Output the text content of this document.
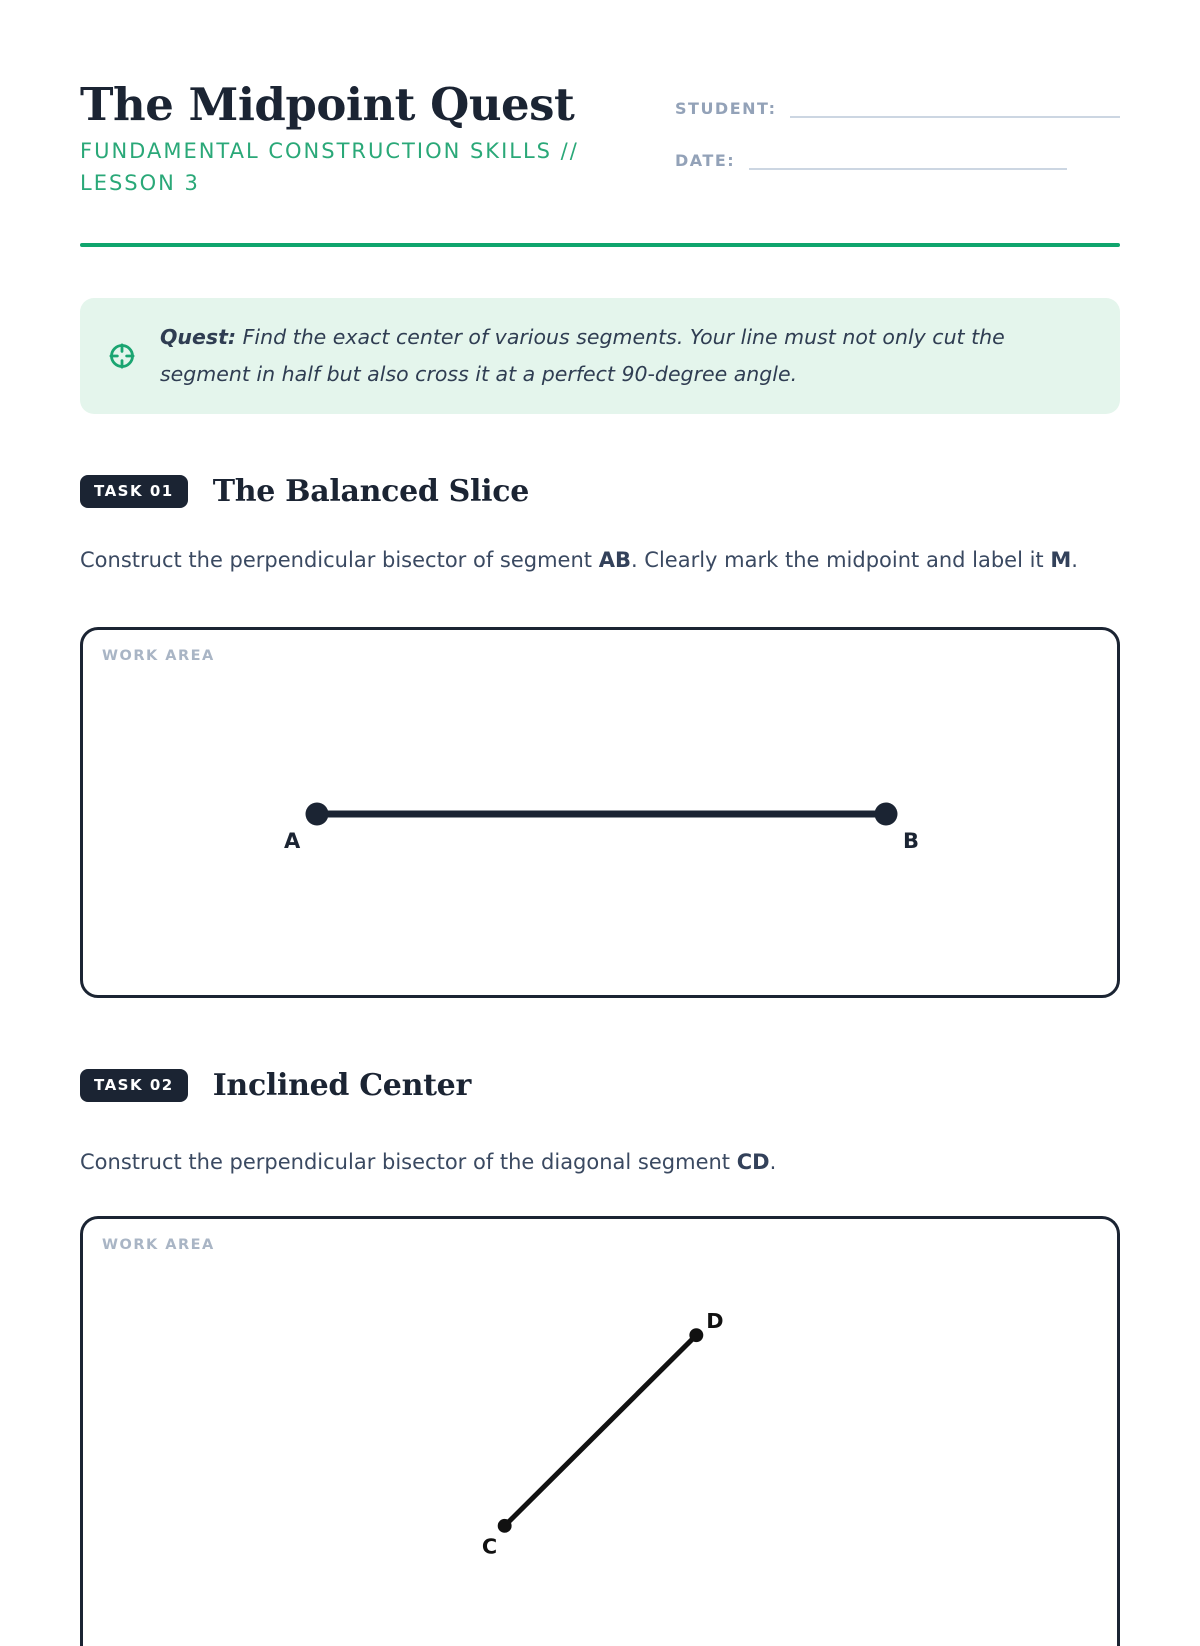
The Midpoint Quest
FUNDAMENTAL CONSTRUCTION SKILLS // LESSON 3
STUDENT:
DATE:

Quest: Find the exact center of various segments. Your line must not only cut the segment in half but also cross it at a perfect 90-degree angle.

TASK 01	The Balanced Slice

Construct the perpendicular bisector of segment AB. Clearly mark the midpoint and label it M.

WORK AREA
A	B
TASK 02	Inclined Center

Construct the perpendicular bisector of the diagonal segment CD.

WORK AREA
C
D
